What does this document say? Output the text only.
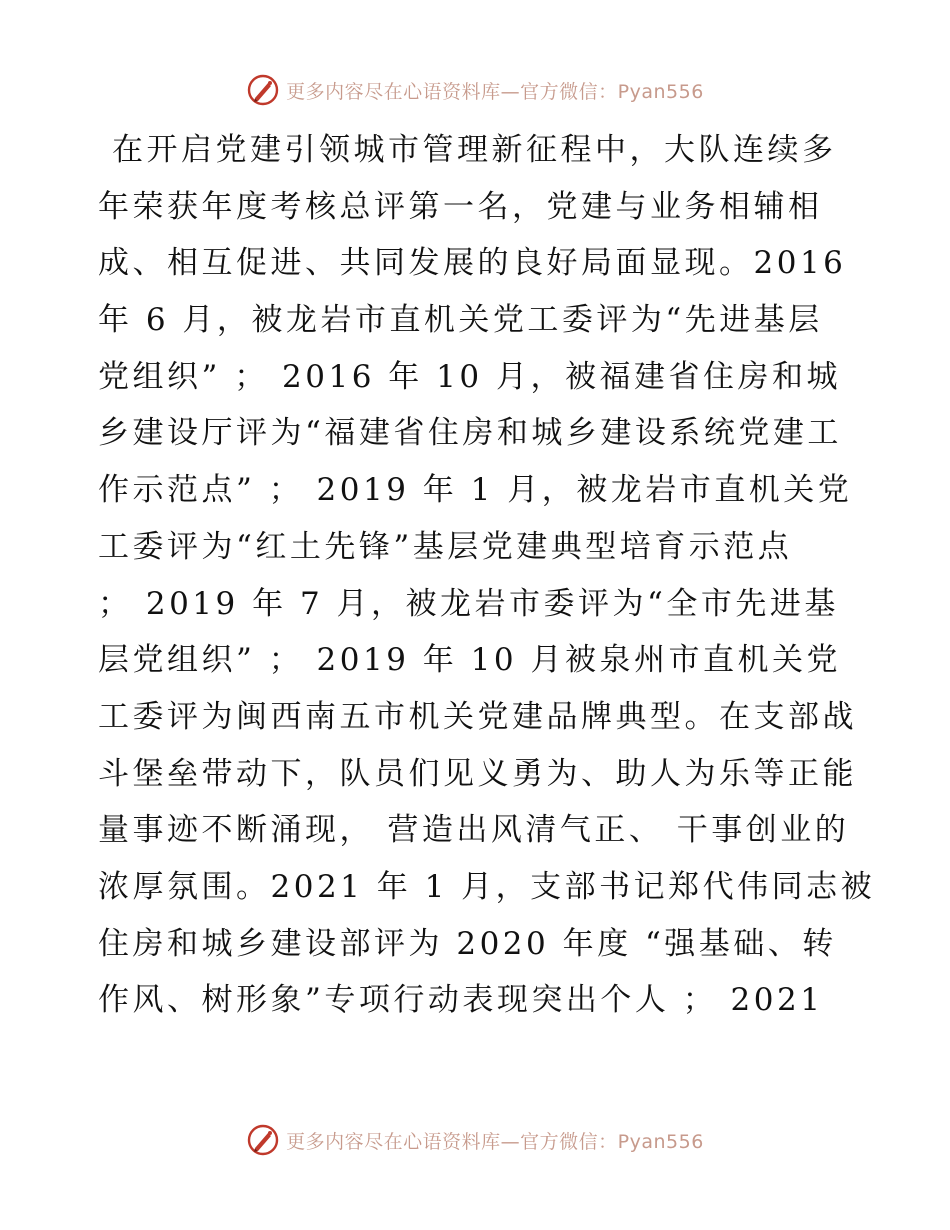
更多内容尽在心语资料库—官方微信：Pyan556
在开启党建引领城市管理新征程中，大队连续多
年荣获年度考核总评第一名，党建与业务相辅相
成、相互促进、共同发展的良好局面显现。2016
年 6 月，被龙岩市直机关党工委评为“先进基层
党组织” ； 2016 年 10 月，被福建省住房和城
乡建设厅评为“福建省住房和城乡建设系统党建工
作示范点” ； 2019 年 1 月，被龙岩市直机关党
工委评为“红土先锋”基层党建典型培育示范点
； 2019 年 7 月，被龙岩市委评为“全市先进基
层党组织” ； 2019 年 10 月被泉州市直机关党
工委评为闽西南五市机关党建品牌典型。在支部战
斗堡垒带动下，队员们见义勇为、助人为乐等正能
量事迹不断涌现， 营造出风清气正、 干事创业的
浓厚氛围。2021 年 1 月，支部书记郑代伟同志被
住房和城乡建设部评为 2020 年度 “强基础、转
作风、树形象”专项行动表现突出个人 ； 2021
更多内容尽在心语资料库—官方微信：Pyan556
